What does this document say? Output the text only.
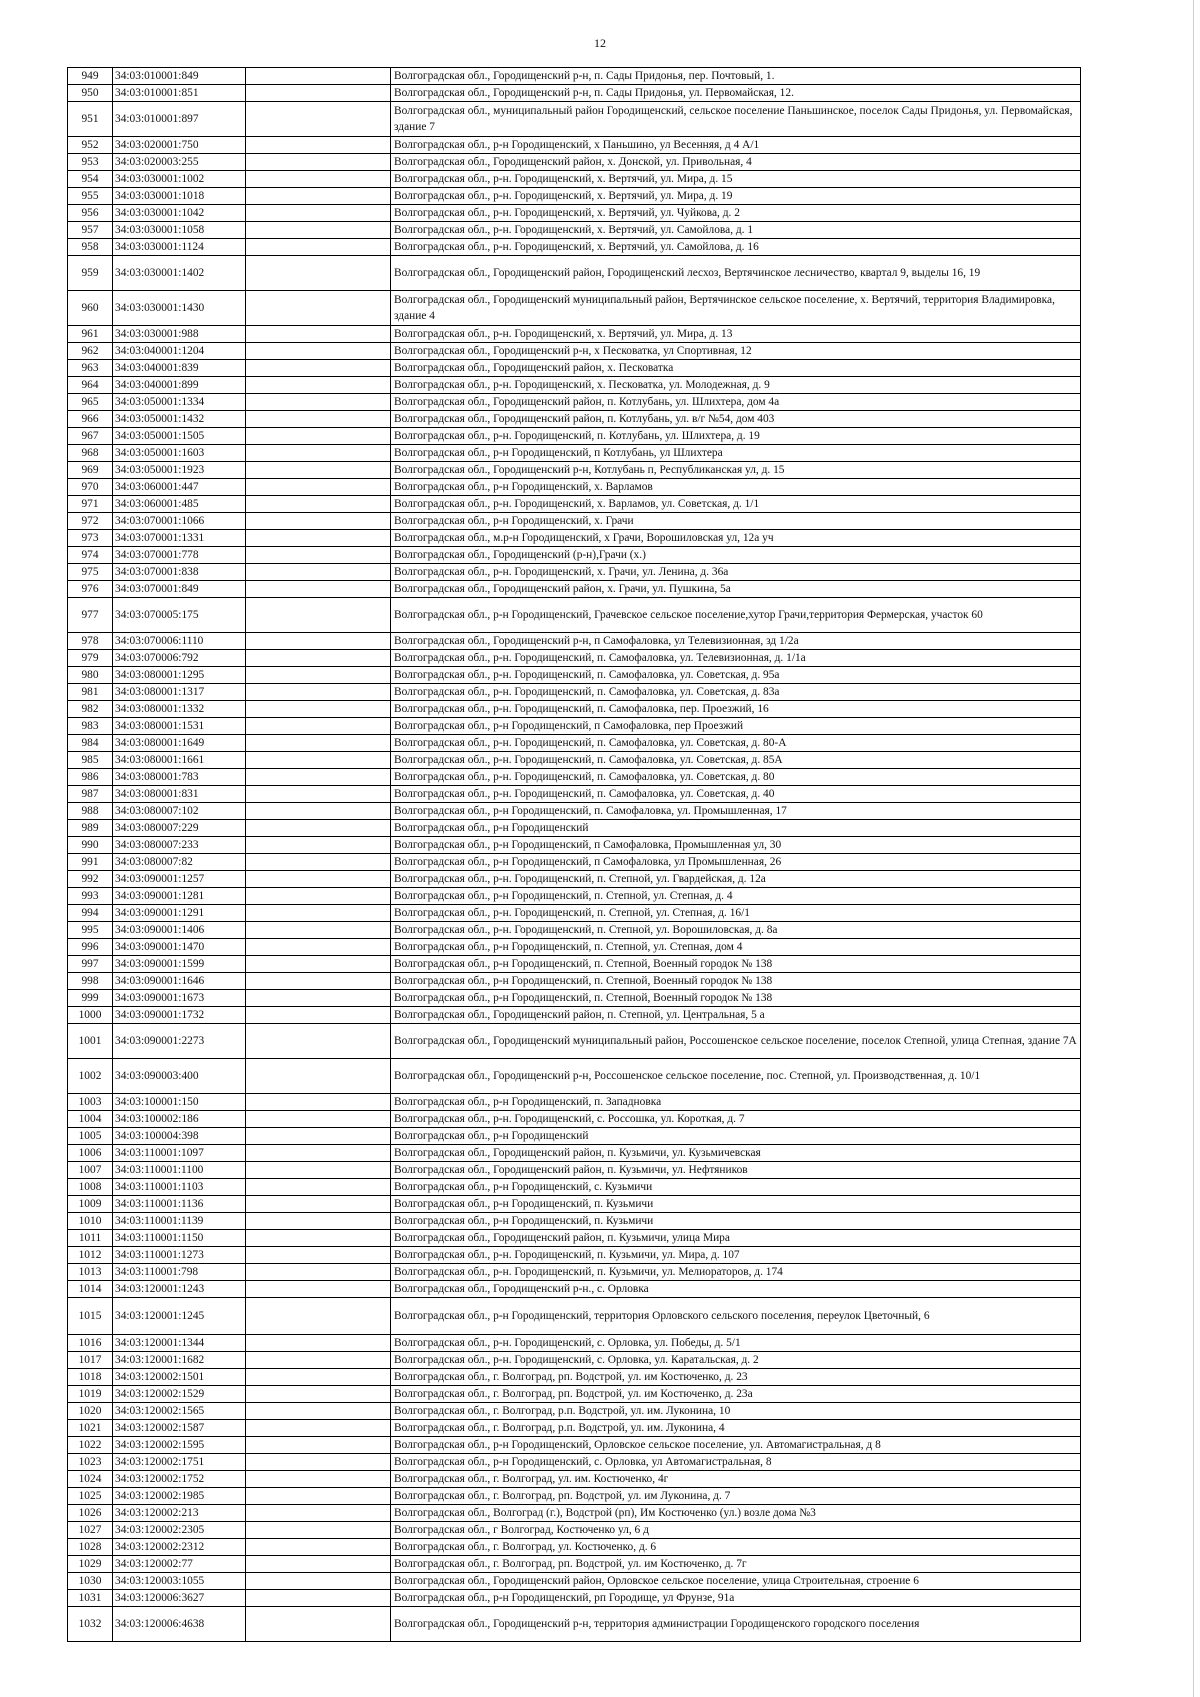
12
949	34:03:010001:849		Волгоградская обл., Городищенский р-н, п. Сады Придонья, пер. Почтовый, 1.
950	34:03:010001:851		Волгоградская обл., Городищенский р-н, п. Сады Придонья, ул. Первомайская, 12.
951	34:03:010001:897		Волгоградская обл., муниципальный район Городищенский, сельское поселение Паньшинское, поселок Сады Придонья, ул. Первомайская, здание 7
952	34:03:020001:750		Волгоградская обл., р-н Городищенский, х Паньшино, ул Весенняя, д 4 А/1
953	34:03:020003:255		Волгоградская обл., Городищенский район, х. Донской, ул. Привольная, 4
954	34:03:030001:1002		Волгоградская обл., р-н. Городищенский, х. Вертячий, ул. Мира, д. 15
955	34:03:030001:1018		Волгоградская обл., р-н. Городищенский, х. Вертячий, ул. Мира, д. 19
956	34:03:030001:1042		Волгоградская обл., р-н. Городищенский, х. Вертячий, ул. Чуйкова, д. 2
957	34:03:030001:1058		Волгоградская обл., р-н. Городищенский, х. Вертячий, ул. Самойлова, д. 1
958	34:03:030001:1124		Волгоградская обл., р-н. Городищенский, х. Вертячий, ул. Самойлова, д. 16
959	34:03:030001:1402		Волгоградская обл., Городищенский район, Городищенский лесхоз, Вертячинское лесничество, квартал 9, выделы 16, 19
960	34:03:030001:1430		Волгоградская обл., Городищенский муниципальный район, Вертячинское сельское поселение, х. Вертячий, территория Владимировка, здание 4
961	34:03:030001:988		Волгоградская обл., р-н. Городищенский, х. Вертячий, ул. Мира, д. 13
962	34:03:040001:1204		Волгоградская обл., Городищенский р-н, х Песковатка, ул Спортивная, 12
963	34:03:040001:839		Волгоградская обл., Городищенский район, х. Песковатка
964	34:03:040001:899		Волгоградская обл., р-н. Городищенский, х. Песковатка, ул. Молодежная, д. 9
965	34:03:050001:1334		Волгоградская обл., Городищенский район, п. Котлубань, ул. Шлихтера, дом 4а
966	34:03:050001:1432		Волгоградская обл., Городищенский район, п. Котлубань, ул. в/г №54, дом 403
967	34:03:050001:1505		Волгоградская обл., р-н. Городищенский, п. Котлубань, ул. Шлихтера, д. 19
968	34:03:050001:1603		Волгоградская обл., р-н Городищенский, п Котлубань, ул Шлихтера
969	34:03:050001:1923		Волгоградская обл., Городищенский р-н, Котлубань п, Республиканская ул, д. 15
970	34:03:060001:447		Волгоградская обл., р-н Городищенский, х. Варламов
971	34:03:060001:485		Волгоградская обл., р-н. Городищенский, х. Варламов, ул. Советская, д. 1/1
972	34:03:070001:1066		Волгоградская обл., р-н Городищенский, х. Грачи
973	34:03:070001:1331		Волгоградская обл., м.р-н Городищенский, х Грачи, Ворошиловская ул, 12а уч
974	34:03:070001:778		Волгоградская обл., Городищенский (р-н),Грачи (х.)
975	34:03:070001:838		Волгоградская обл., р-н. Городищенский, х. Грачи, ул. Ленина, д. 36а
976	34:03:070001:849		Волгоградская обл., Городищенский район, х. Грачи, ул. Пушкина, 5а
977	34:03:070005:175		Волгоградская обл., р-н Городищенский, Грачевское сельское поселение,хутор Грачи,территория Фермерская, участок 60
978	34:03:070006:1110		Волгоградская обл., Городищенский р-н, п Самофаловка, ул Телевизионная, зд 1/2а
979	34:03:070006:792		Волгоградская обл., р-н. Городищенский, п. Самофаловка, ул. Телевизионная, д. 1/1а
980	34:03:080001:1295		Волгоградская обл., р-н. Городищенский, п. Самофаловка, ул. Советская, д. 95а
981	34:03:080001:1317		Волгоградская обл., р-н. Городищенский, п. Самофаловка, ул. Советская, д. 83а
982	34:03:080001:1332		Волгоградская обл., р-н. Городищенский, п. Самофаловка, пер. Проезжий, 16
983	34:03:080001:1531		Волгоградская обл., р-н Городищенский, п Самофаловка, пер Проезжий
984	34:03:080001:1649		Волгоградская обл., р-н. Городищенский, п. Самофаловка, ул. Советская, д. 80-А
985	34:03:080001:1661		Волгоградская обл., р-н. Городищенский, п. Самофаловка, ул. Советская, д. 85А
986	34:03:080001:783		Волгоградская обл., р-н. Городищенский, п. Самофаловка, ул. Советская, д. 80
987	34:03:080001:831		Волгоградская обл., р-н. Городищенский, п. Самофаловка, ул. Советская, д. 40
988	34:03:080007:102		Волгоградская обл., р-н Городищенский, п. Самофаловка, ул. Промышленная, 17
989	34:03:080007:229		Волгоградская обл., р-н Городищенский
990	34:03:080007:233		Волгоградская обл., р-н Городищенский, п Самофаловка, Промышленная ул, 30
991	34:03:080007:82		Волгоградская обл., р-н Городищенский, п Самофаловка, ул Промышленная, 26
992	34:03:090001:1257		Волгоградская обл., р-н. Городищенский, п. Степной, ул. Гвардейская, д. 12а
993	34:03:090001:1281		Волгоградская обл., р-н Городищенский, п. Степной, ул. Степная, д. 4
994	34:03:090001:1291		Волгоградская обл., р-н. Городищенский, п. Степной, ул. Степная, д. 16/1
995	34:03:090001:1406		Волгоградская обл., р-н. Городищенский, п. Степной, ул. Ворошиловская, д. 8а
996	34:03:090001:1470		Волгоградская обл., р-н Городищенский, п. Степной, ул. Степная, дом 4
997	34:03:090001:1599		Волгоградская обл., р-н Городищенский, п. Степной, Военный городок № 138
998	34:03:090001:1646		Волгоградская обл., р-н Городищенский, п. Степной, Военный городок № 138
999	34:03:090001:1673		Волгоградская обл., р-н Городищенский, п. Степной, Военный городок № 138
1000	34:03:090001:1732		Волгоградская обл., Городищенский район, п. Степной, ул. Центральная, 5 а
1001	34:03:090001:2273		Волгоградская обл., Городищенский муниципальный район, Россошенское сельское поселение, поселок Степной, улица Степная, здание 7А
1002	34:03:090003:400		Волгоградская обл., Городищенский р-н, Россошенское сельское поселение, пос. Степной, ул. Производственная, д. 10/1
1003	34:03:100001:150		Волгоградская обл., р-н Городищенский, п. Западновка
1004	34:03:100002:186		Волгоградская обл., р-н. Городищенский, с. Россошка, ул. Короткая, д. 7
1005	34:03:100004:398		Волгоградская обл., р-н Городищенский
1006	34:03:110001:1097		Волгоградская обл., Городищенский район, п. Кузьмичи, ул. Кузьмичевская
1007	34:03:110001:1100		Волгоградская обл., Городищенский район, п. Кузьмичи, ул. Нефтяников
1008	34:03:110001:1103		Волгоградская обл., р-н Городищенский, с. Кузьмичи
1009	34:03:110001:1136		Волгоградская обл., р-н Городищенский, п. Кузьмичи
1010	34:03:110001:1139		Волгоградская обл., р-н Городищенский, п. Кузьмичи
1011	34:03:110001:1150		Волгоградская обл., Городищенский район, п. Кузьмичи, улица Мира
1012	34:03:110001:1273		Волгоградская обл., р-н. Городищенский, п. Кузьмичи, ул. Мира, д. 107
1013	34:03:110001:798		Волгоградская обл., р-н. Городищенский, п. Кузьмичи, ул. Мелиораторов, д. 174
1014	34:03:120001:1243		Волгоградская обл., Городищенский р-н., с. Орловка
1015	34:03:120001:1245		Волгоградская обл., р-н Городищенский, территория Орловского сельского поселения, переулок Цветочный, 6
1016	34:03:120001:1344		Волгоградская обл., р-н. Городищенский, с. Орловка, ул. Победы, д. 5/1
1017	34:03:120001:1682		Волгоградская обл., р-н. Городищенский, с. Орловка, ул. Каратальская, д. 2
1018	34:03:120002:1501		Волгоградская обл., г. Волгоград, рп. Водстрой, ул. им Костюченко, д. 23
1019	34:03:120002:1529		Волгоградская обл., г. Волгоград, рп. Водстрой, ул. им Костюченко, д. 23а
1020	34:03:120002:1565		Волгоградская обл., г. Волгоград, р.п. Водстрой, ул. им. Луконина, 10
1021	34:03:120002:1587		Волгоградская обл., г. Волгоград, р.п. Водстрой, ул. им. Луконина, 4
1022	34:03:120002:1595		Волгоградская обл., р-н Городищенский, Орловское сельское поселение, ул. Автомагистральная, д 8
1023	34:03:120002:1751		Волгоградская обл., р-н Городищенский, с. Орловка, ул Автомагистральная, 8
1024	34:03:120002:1752		Волгоградская обл., г. Волгоград, ул. им. Костюченко, 4г
1025	34:03:120002:1985		Волгоградская обл., г. Волгоград, рп. Водстрой, ул. им Луконина, д. 7
1026	34:03:120002:213		Волгоградская обл., Волгоград (г.), Водстрой (рп), Им Костюченко (ул.) возле дома №3
1027	34:03:120002:2305		Волгоградская обл., г Волгоград, Костюченко ул, 6 д
1028	34:03:120002:2312		Волгоградская обл., г. Волгоград, ул. Костюченко, д. 6
1029	34:03:120002:77		Волгоградская обл., г. Волгоград, рп. Водстрой, ул. им Костюченко, д. 7г
1030	34:03:120003:1055		Волгоградская обл., Городищенский район, Орловское сельское поселение, улица Строительная, строение 6
1031	34:03:120006:3627		Волгоградская обл., р-н Городищенский, рп Городище, ул Фрунзе, 91а
1032	34:03:120006:4638		Волгоградская обл., Городищенский р-н, территория администрации Городищенского городского поселения
